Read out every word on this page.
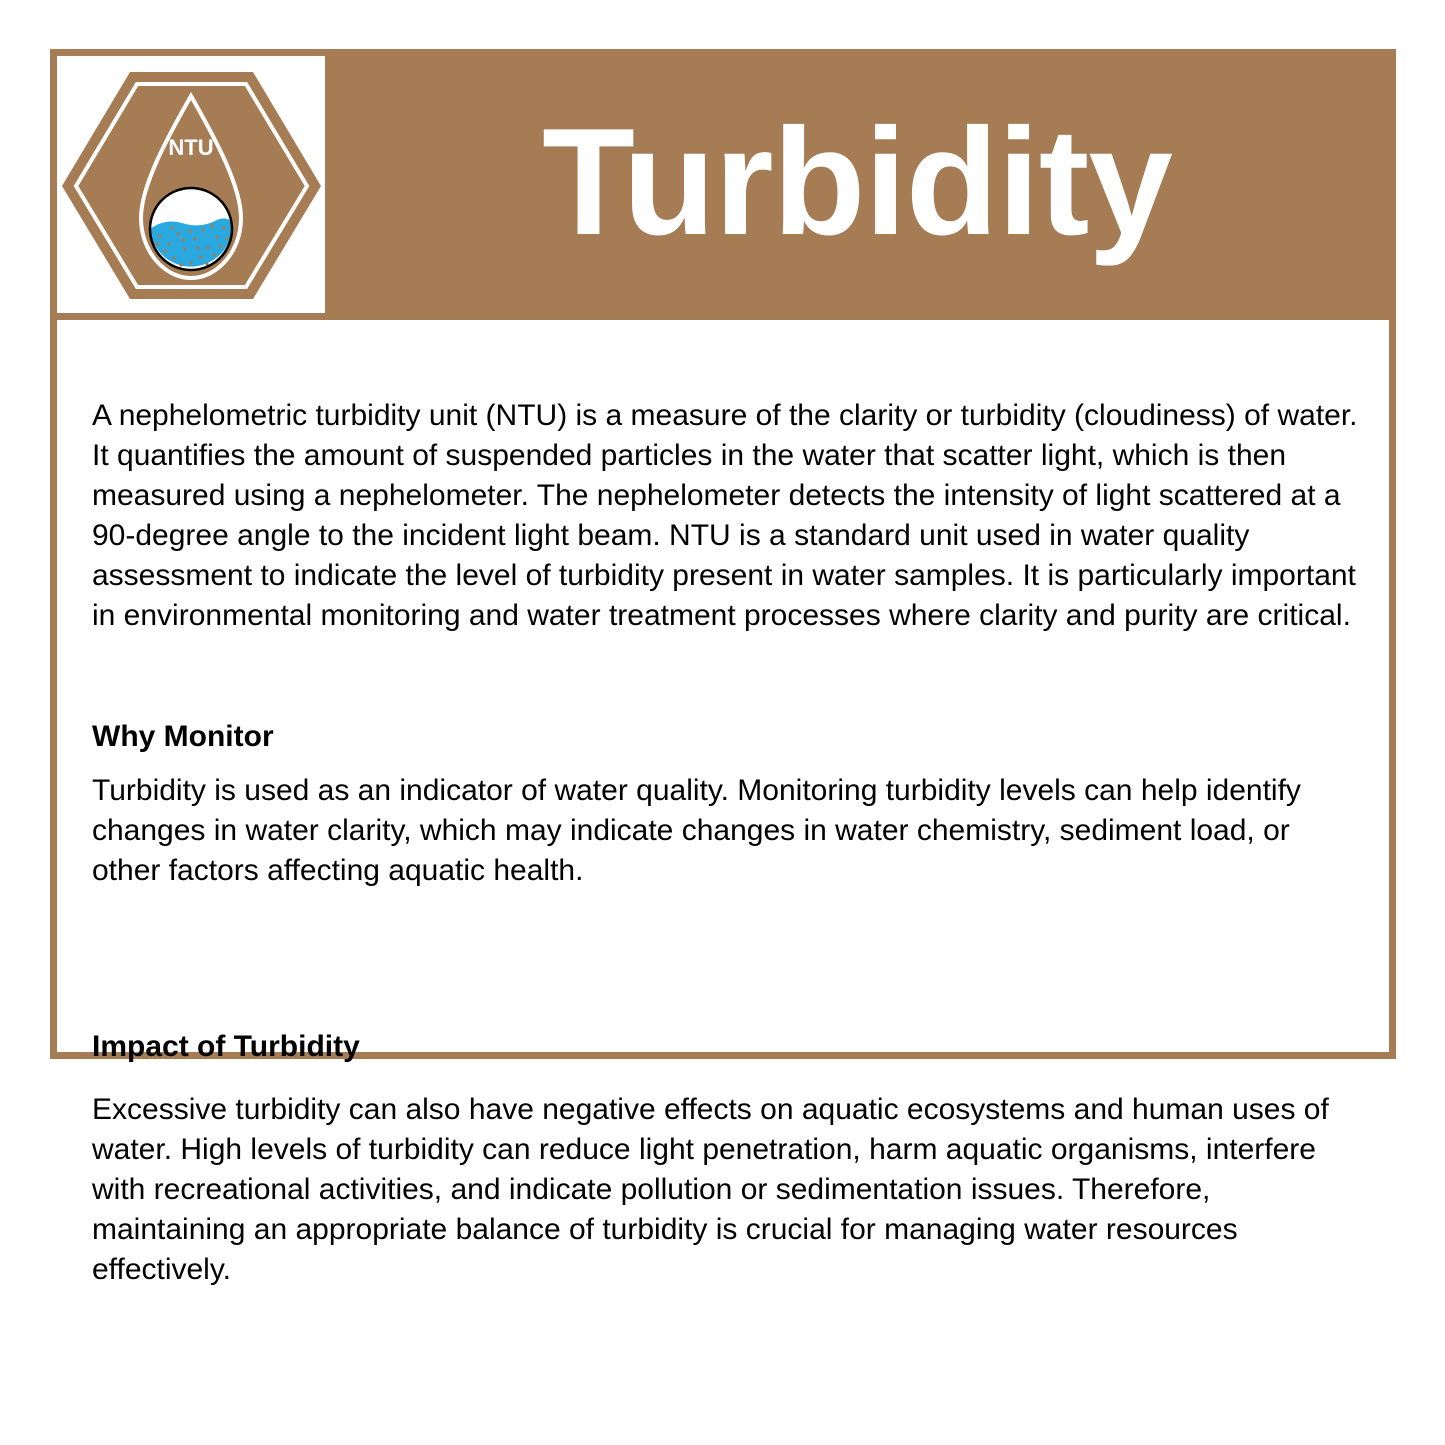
NTU	Turbidity

A nephelometric turbidity unit (NTU) is a measure of the clarity or turbidity (cloudiness) of water. It quantifies the amount of suspended particles in the water that scatter light, which is then measured using a nephelometer. The nephelometer detects the intensity of light scattered at a 90-degree angle to the incident light beam. NTU is a standard unit used in water quality assessment to indicate the level of turbidity present in water samples. It is particularly important in environmental monitoring and water treatment processes where clarity and purity are critical.

Why Monitor

Turbidity is used as an indicator of water quality. Monitoring turbidity levels can help identify changes in water clarity, which may indicate changes in water chemistry, sediment load, or other factors affecting aquatic health.

Impact of Turbidity

Excessive turbidity can also have negative effects on aquatic ecosystems and human uses of water. High levels of turbidity can reduce light penetration, harm aquatic organisms, interfere with recreational activities, and indicate pollution or sedimentation issues. Therefore, maintaining an appropriate balance of turbidity is crucial for managing water resources effectively.
